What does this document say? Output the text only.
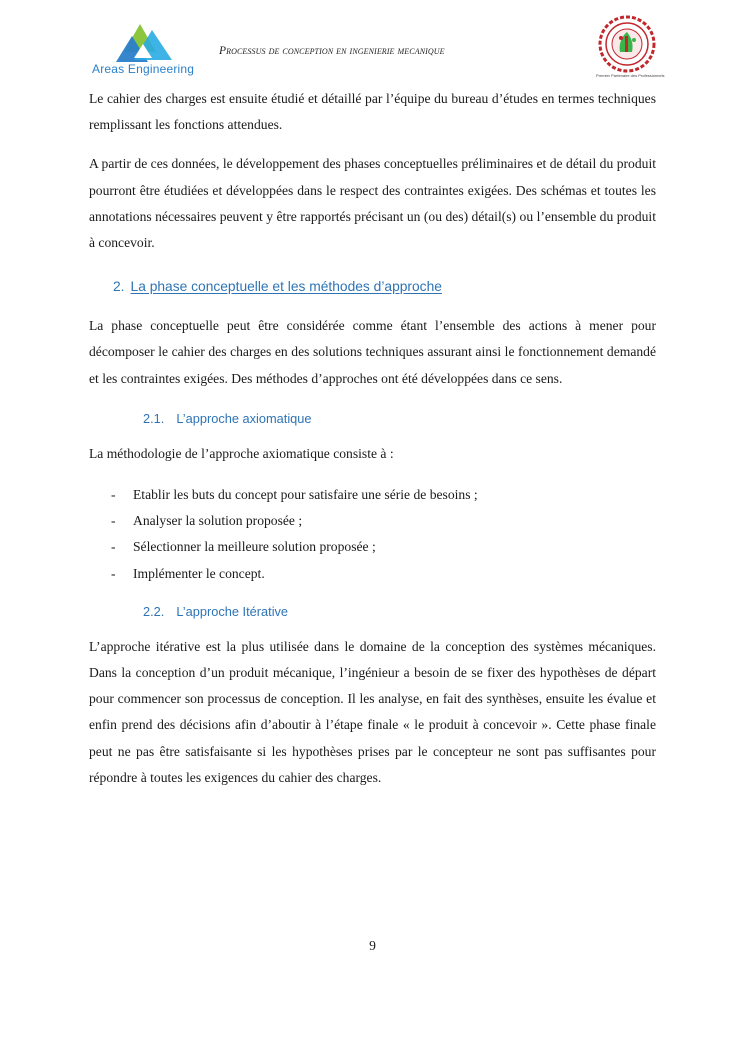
Areas Engineering
Processus de conception en ingenierie mecanique
Premier Partenaire des Professionnels

Le cahier des charges est ensuite étudié et détaillé par l’équipe du bureau d’études en termes techniques remplissant les fonctions attendues.

A partir de ces données, le développement des phases conceptuelles préliminaires et de détail du produit pourront être étudiées et développées dans le respect des contraintes exigées. Des schémas et toutes les annotations nécessaires peuvent y être rapportés précisant un (ou des) détail(s) ou l’ensemble du produit à concevoir.

2. La phase conceptuelle et les méthodes d’approche

La phase conceptuelle peut être considérée comme étant l’ensemble des actions à mener pour décomposer le cahier des charges en des solutions techniques assurant ainsi le fonctionnement demandé et les contraintes exigées. Des méthodes d’approches ont été développées dans ce sens.

2.1. L’approche axiomatique

La méthodologie de l’approche axiomatique consiste à :

- Etablir les buts du concept pour satisfaire une série de besoins ;
- Analyser la solution proposée ;
- Sélectionner la meilleure solution proposée ;
- Implémenter le concept.
2.2. L’approche Itérative

L’approche itérative est la plus utilisée dans le domaine de la conception des systèmes mécaniques. Dans la conception d’un produit mécanique, l’ingénieur a besoin de se fixer des hypothèses de départ pour commencer son processus de conception. Il les analyse, en fait des synthèses, ensuite les évalue et enfin prend des décisions afin d’aboutir à l’étape finale « le produit à concevoir ». Cette phase finale peut ne pas être satisfaisante si les hypothèses prises par le concepteur ne sont pas suffisantes pour répondre à toutes les exigences du cahier des charges.

9
